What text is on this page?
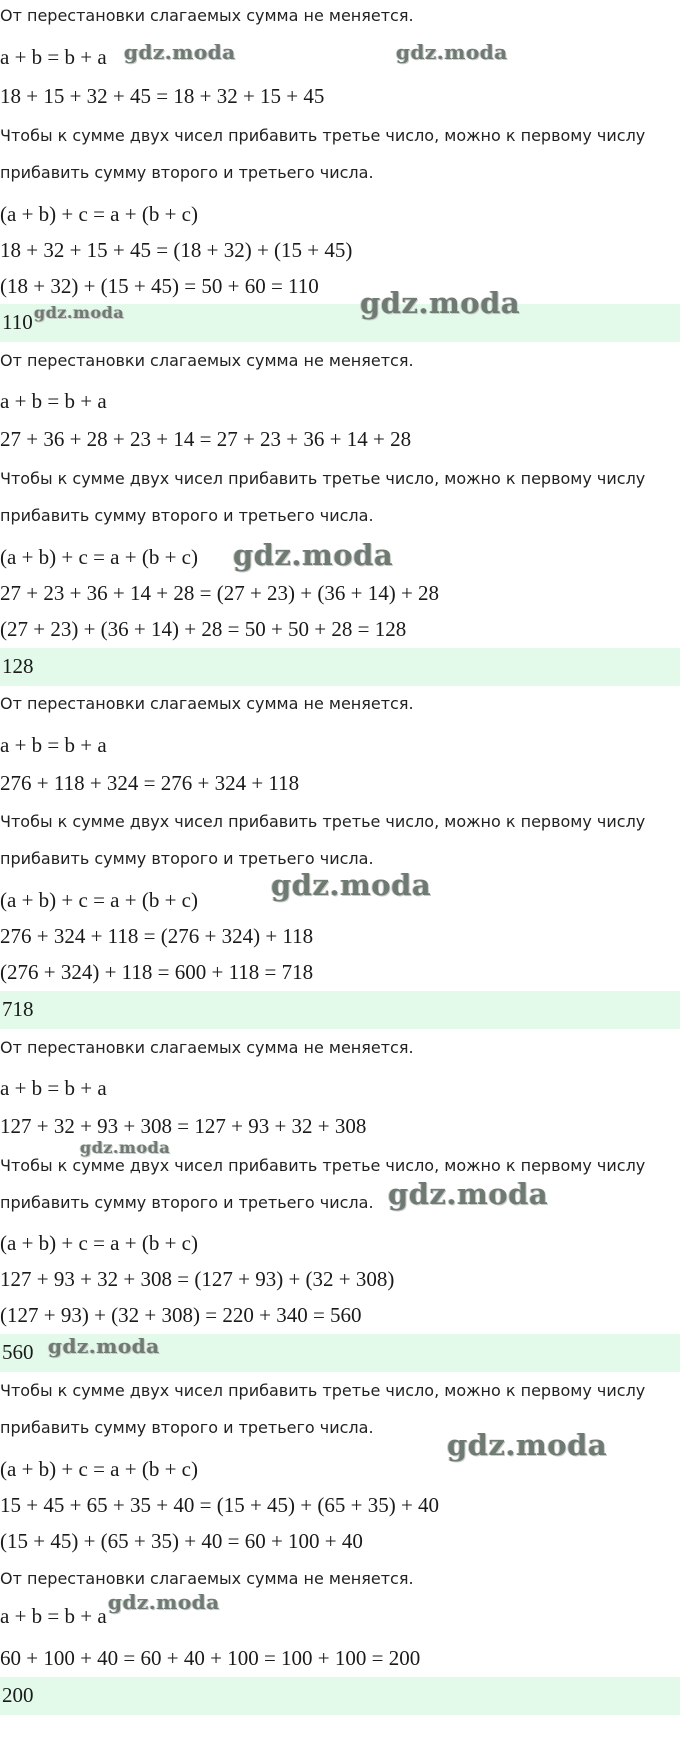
От перестановки слагаемых сумма не меняется.
a + b = b + a
18 + 15 + 32 + 45 = 18 + 32 + 15 + 45
Чтобы к сумме двух чисел прибавить третье число, можно к первому числу
прибавить сумму второго и третьего числа.
(a + b) + c = a + (b + c)
18 + 32 + 15 + 45 = (18 + 32) + (15 + 45)
(18 + 32) + (15 + 45) = 50 + 60 = 110
110
От перестановки слагаемых сумма не меняется.
a + b = b + a
27 + 36 + 28 + 23 + 14 = 27 + 23 + 36 + 14 + 28
Чтобы к сумме двух чисел прибавить третье число, можно к первому числу
прибавить сумму второго и третьего числа.
(a + b) + c = a + (b + c)
27 + 23 + 36 + 14 + 28 = (27 + 23) + (36 + 14) + 28
(27 + 23) + (36 + 14) + 28 = 50 + 50 + 28 = 128
128
От перестановки слагаемых сумма не меняется.
a + b = b + a
276 + 118 + 324 = 276 + 324 + 118
Чтобы к сумме двух чисел прибавить третье число, можно к первому числу
прибавить сумму второго и третьего числа.
(a + b) + c = a + (b + c)
276 + 324 + 118 = (276 + 324) + 118
(276 + 324) + 118 = 600 + 118 = 718
718
От перестановки слагаемых сумма не меняется.
a + b = b + a
127 + 32 + 93 + 308 = 127 + 93 + 32 + 308
Чтобы к сумме двух чисел прибавить третье число, можно к первому числу
прибавить сумму второго и третьего числа.
(a + b) + c = a + (b + c)
127 + 93 + 32 + 308 = (127 + 93) + (32 + 308)
(127 + 93) + (32 + 308) = 220 + 340 = 560
560
Чтобы к сумме двух чисел прибавить третье число, можно к первому числу
прибавить сумму второго и третьего числа.
(a + b) + c = a + (b + c)
15 + 45 + 65 + 35 + 40 = (15 + 45) + (65 + 35) + 40
(15 + 45) + (65 + 35) + 40 = 60 + 100 + 40
От перестановки слагаемых сумма не меняется.
a + b = b + a
60 + 100 + 40 = 60 + 40 + 100 = 100 + 100 = 200
200
gdz.moda	gdz.moda
gdz.moda	gdz.moda
gdz.moda
gdz.moda
gdz.moda
gdz.moda
gdz.moda
gdz.moda
gdz.moda
